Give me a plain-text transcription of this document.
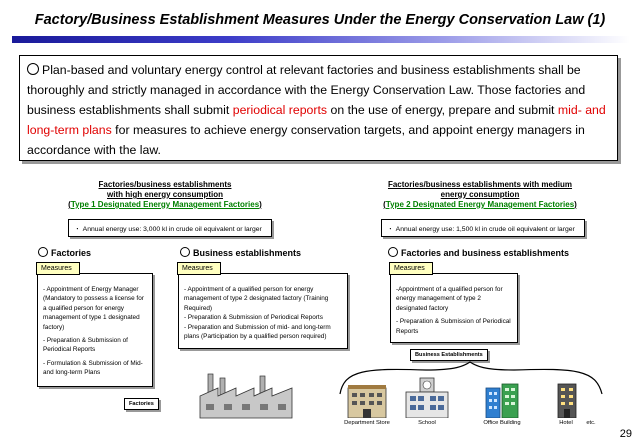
Factory/Business Establishment Measures Under the Energy Conservation Law (1)
Plan-based and voluntary energy control at relevant factories and business establishments shall be thoroughly and strictly managed in accordance with the Energy Conservation Law. Those factories and business establishments shall submit periodical reports on the use of energy, prepare and submit mid- and long-term plans for measures to achieve energy conservation targets, and appoint energy managers in accordance with the law.
Factories/business establishments
with high energy consumption
(Type 1 Designated Energy Management Factories)
・ Annual energy use: 3,000 kl in crude oil equivalent or larger
Factories/business establishments with medium
energy consumption
(Type 2 Designated Energy Management Factories)
・ Annual energy use: 1,500 kl in crude oil equivalent or larger
Factories	Business establishments	Factories and business establishments

- Appointment of Energy Manager (Mandatory to possess a license for a qualified person for energy management of type 1 designated factory)

- Preparation & Submission of Periodical Reports

- Formulation & Submission of Mid- and long-term Plans

Measures

- Appointment of a qualified person for energy management of type 2 designated factory (Training Required)

- Preparation & Submission of Periodical Reports

- Preparation and Submission of mid- and long-term plans (Participation by a qualified person required)

Measures

-Appointment of a qualified person for energy management of type 2 designated factory

- Preparation & Submission of Periodical Reports

Measures
Factories
Business Establishments
Department Store	School	Office Building	Hotel	etc.
29
